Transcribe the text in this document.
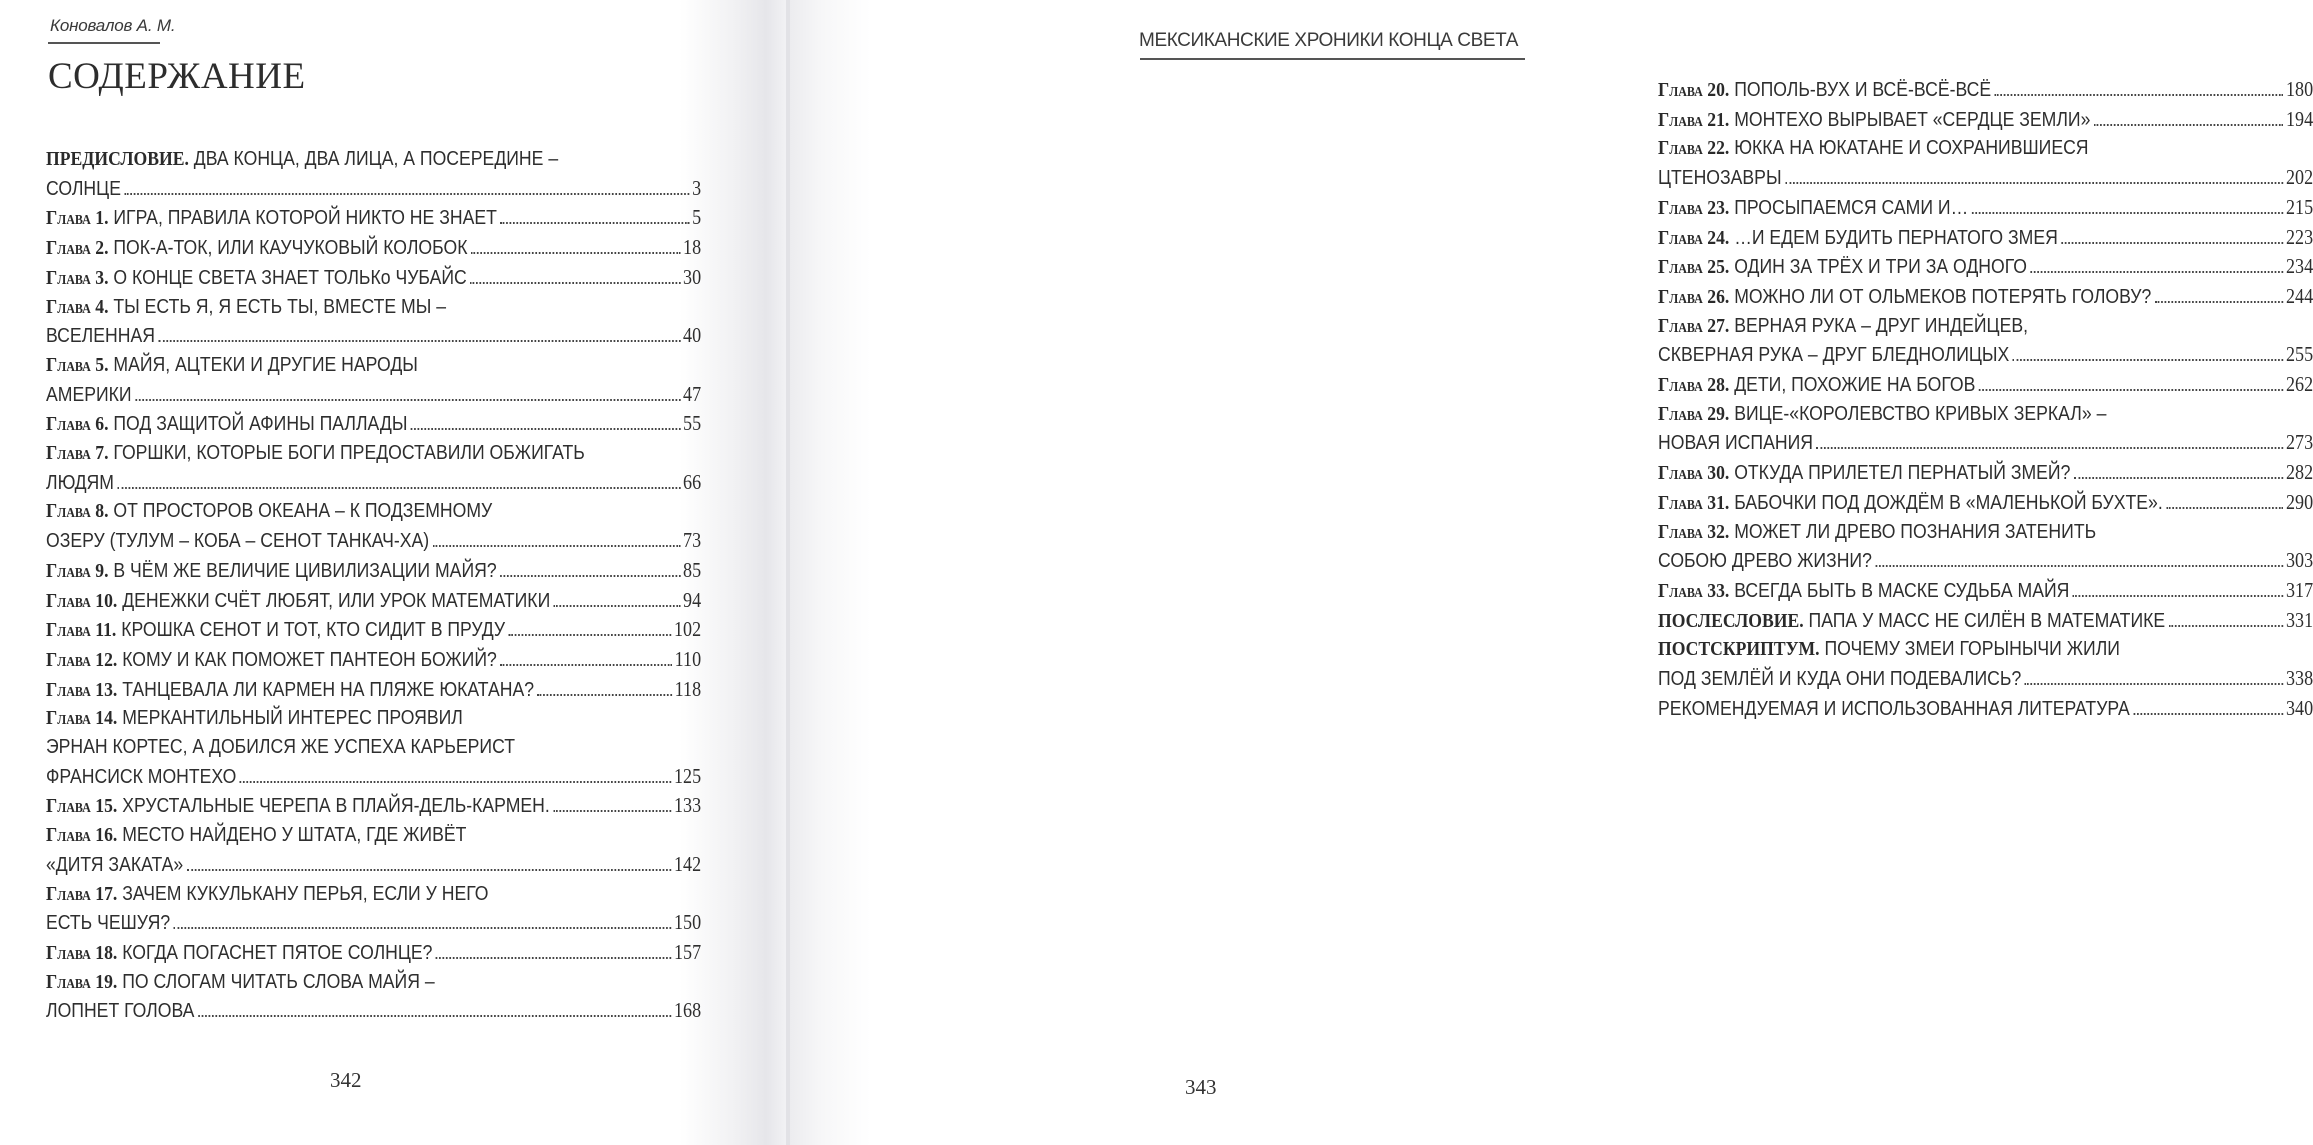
Коновалов А. М.
СОДЕРЖАНИЕ
ПРЕДИСЛОВИЕ.
ДВА КОНЦА, ДВА ЛИЦА, А ПОСЕРЕДИНЕ –
СОЛНЦЕ	3
Глава 1.
ИГРА, ПРАВИЛА КОТОРОЙ НИКТО НЕ ЗНАЕТ	5
Глава 2.
ПОК-А-ТОК, ИЛИ КАУЧУКОВЫЙ КОЛОБОК	18
Глава 3.
О КОНЦЕ СВЕТА ЗНАЕТ ТОЛЬКо ЧУБАЙС	30
Глава 4.
ТЫ ЕСТЬ Я, Я ЕСТЬ ТЫ, ВМЕСТЕ МЫ –
ВСЕЛЕННАЯ	40
Глава 5.
МАЙЯ, АЦТЕКИ И ДРУГИЕ НАРОДЫ
АМЕРИКИ	47
Глава 6.
ПОД ЗАЩИТОЙ АФИНЫ ПАЛЛАДЫ	55
Глава 7.
ГОРШКИ, КОТОРЫЕ БОГИ ПРЕДОСТАВИЛИ ОБЖИГАТЬ
ЛЮДЯМ	66
Глава 8.
ОТ ПРОСТОРОВ ОКЕАНА – К ПОДЗЕМНОМУ
ОЗЕРУ (ТУЛУМ – КОБА – СЕНОТ ТАНКАЧ-ХА)	73
Глава 9.
В ЧЁМ ЖЕ ВЕЛИЧИЕ ЦИВИЛИЗАЦИИ МАЙЯ?	85
Глава 10.
ДЕНЕЖКИ СЧЁТ ЛЮБЯТ, ИЛИ УРОК МАТЕМАТИКИ	94
Глава 11.
КРОШКА СЕНОТ И ТОТ, КТО СИДИТ В ПРУДУ	102
Глава 12.
КОМУ И КАК ПОМОЖЕТ ПАНТЕОН БОЖИЙ?	110
Глава 13.
ТАНЦЕВАЛА ЛИ КАРМЕН НА ПЛЯЖЕ ЮКАТАНА?	118
Глава 14.
МЕРКАНТИЛЬНЫЙ ИНТЕРЕС ПРОЯВИЛ
ЭРНАН КОРТЕС, А ДОБИЛСЯ ЖЕ УСПЕХА КАРЬЕРИСТ
ФРАНСИСК МОНТЕХО	125
Глава 15.
ХРУСТАЛЬНЫЕ ЧЕРЕПА В ПЛАЙЯ-ДЕЛЬ-КАРМЕН.	133
Глава 16.
МЕСТО НАЙДЕНО У ШТАТА, ГДЕ ЖИВЁТ
«ДИТЯ ЗАКАТА»	142
Глава 17.
ЗАЧЕМ КУКУЛЬКАНУ ПЕРЬЯ, ЕСЛИ У НЕГО
ЕСТЬ ЧЕШУЯ?	150
Глава 18.
КОГДА ПОГАСНЕТ ПЯТОЕ СОЛНЦЕ?	157
Глава 19.
ПО СЛОГАМ ЧИТАТЬ СЛОВА МАЙЯ –
ЛОПНЕТ ГОЛОВА	168
342
МЕКСИКАНСКИЕ ХРОНИКИ КОНЦА СВЕТА
Глава 20.
ПОПОЛЬ-ВУХ И ВСЁ-ВСЁ-ВСЁ	180
Глава 21.
МОНТЕХО ВЫРЫВАЕТ «СЕРДЦЕ ЗЕМЛИ»	194
Глава 22.
ЮККА НА ЮКАТАНЕ И СОХРАНИВШИЕСЯ
ЦТЕНОЗАВРЫ	202
Глава 23.
ПРОСЫПАЕМСЯ САМИ И…	215
Глава 24.
…И ЕДЕМ БУДИТЬ ПЕРНАТОГО ЗМЕЯ	223
Глава 25.
ОДИН ЗА ТРЁХ И ТРИ ЗА ОДНОГО	234
Глава 26.
МОЖНО ЛИ ОТ ОЛЬМЕКОВ ПОТЕРЯТЬ ГОЛОВУ?	244
Глава 27.
ВЕРНАЯ РУКА – ДРУГ ИНДЕЙЦЕВ,
СКВЕРНАЯ РУКА – ДРУГ БЛЕДНОЛИЦЫХ	255
Глава 28.
ДЕТИ, ПОХОЖИЕ НА БОГОВ	262
Глава 29.
ВИЦЕ-«КОРОЛЕВСТВО КРИВЫХ ЗЕРКАЛ» –
НОВАЯ ИСПАНИЯ	273
Глава 30.
ОТКУДА ПРИЛЕТЕЛ ПЕРНАТЫЙ ЗМЕЙ?	282
Глава 31.
БАБОЧКИ ПОД ДОЖДЁМ В «МАЛЕНЬКОЙ БУХТЕ».	290
Глава 32.
МОЖЕТ ЛИ ДРЕВО ПОЗНАНИЯ ЗАТЕНИТЬ
СОБОЮ ДРЕВО ЖИЗНИ?	303
Глава 33.
ВСЕГДА БЫТЬ В МАСКЕ СУДЬБА МАЙЯ	317
ПОСЛЕСЛОВИЕ.
ПАПА У МАСС НЕ СИЛЁН В МАТЕМАТИКЕ	331
ПОСТСКРИПТУМ.
ПОЧЕМУ ЗМЕИ ГОРЫНЫЧИ ЖИЛИ
ПОД ЗЕМЛЁЙ И КУДА ОНИ ПОДЕВАЛИСЬ?	338
РЕКОМЕНДУЕМАЯ И ИСПОЛЬЗОВАННАЯ ЛИТЕРАТУРА	340
343
